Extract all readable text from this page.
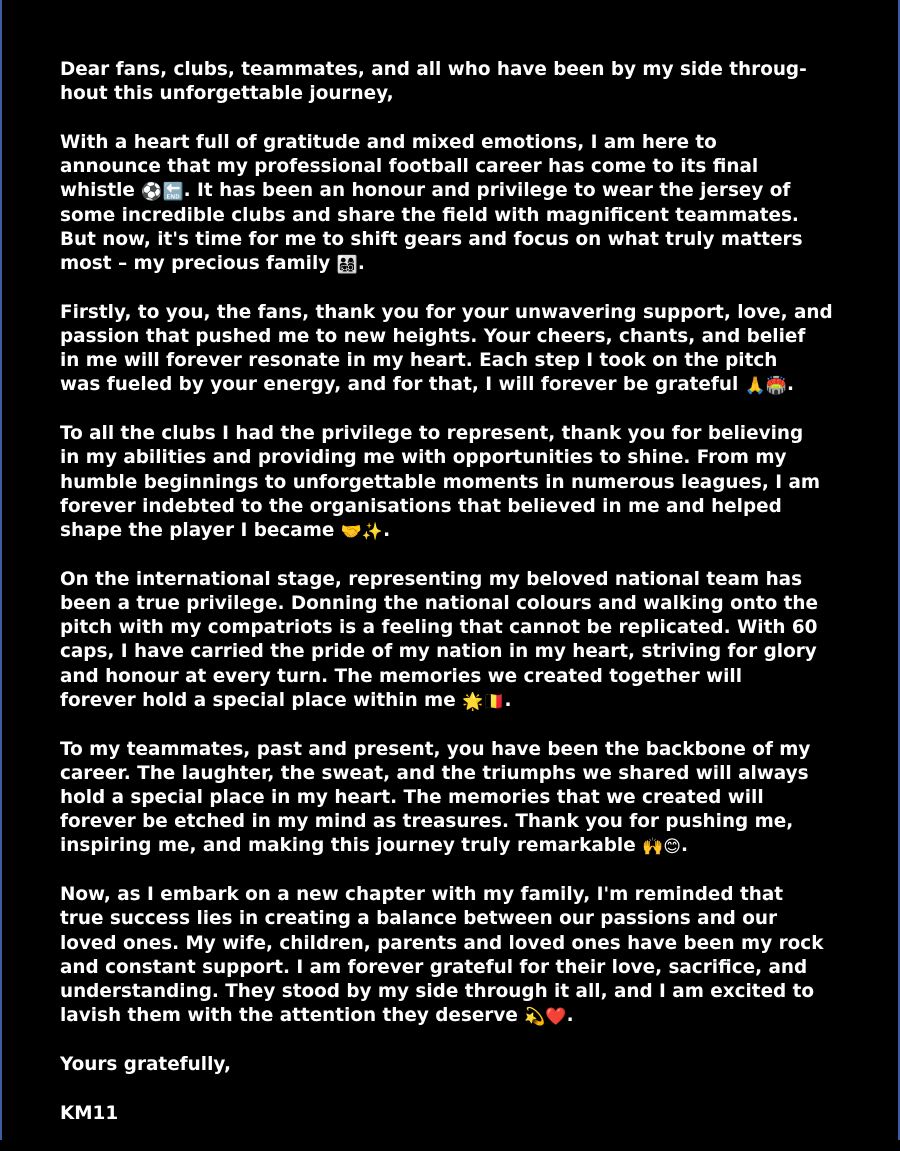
Dear fans, clubs, teammates, and all who have been by my side throug-
hout this unforgettable journey,
With a heart full of gratitude and mixed emotions, I am here to
announce that my professional football career has come to its final
whistle ⚽🔚. It has been an honour and privilege to wear the jersey of
some incredible clubs and share the field with magnificent teammates.
But now, it's time for me to shift gears and focus on what truly matters
most – my precious family 👨‍👩‍👧‍👦.
Firstly, to you, the fans, thank you for your unwavering support, love, and
passion that pushed me to new heights. Your cheers, chants, and belief
in me will forever resonate in my heart. Each step I took on the pitch
was fueled by your energy, and for that, I will forever be grateful 🙏🏟️.
To all the clubs I had the privilege to represent, thank you for believing
in my abilities and providing me with opportunities to shine. From my
humble beginnings to unforgettable moments in numerous leagues, I am
forever indebted to the organisations that believed in me and helped
shape the player I became 🤝✨.
On the international stage, representing my beloved national team has
been a true privilege. Donning the national colours and walking onto the
pitch with my compatriots is a feeling that cannot be replicated. With 60
caps, I have carried the pride of my nation in my heart, striving for glory
and honour at every turn. The memories we created together will
forever hold a special place within me 🌟🇧🇪.
To my teammates, past and present, you have been the backbone of my
career. The laughter, the sweat, and the triumphs we shared will always
hold a special place in my heart. The memories that we created will
forever be etched in my mind as treasures. Thank you for pushing me,
inspiring me, and making this journey truly remarkable 🙌😊.
Now, as I embark on a new chapter with my family, I'm reminded that
true success lies in creating a balance between our passions and our
loved ones. My wife, children, parents and loved ones have been my rock
and constant support. I am forever grateful for their love, sacrifice, and
understanding. They stood by my side through it all, and I am excited to
lavish them with the attention they deserve 💫❤️.
Yours gratefully,
KM11
